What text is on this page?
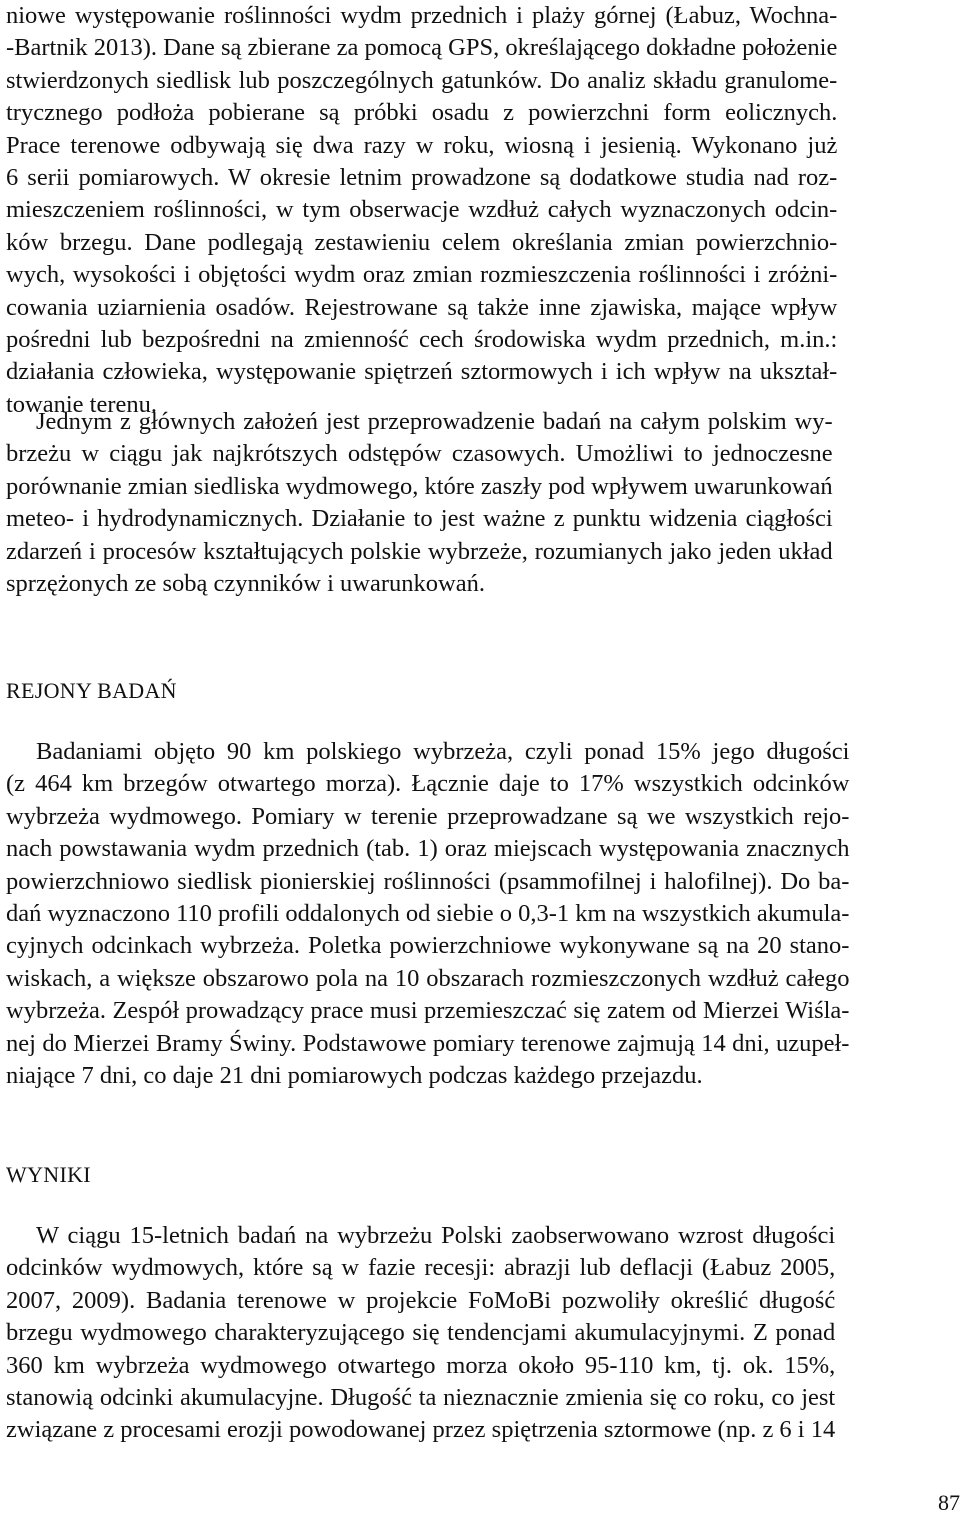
niowe występowanie roślinności wydm przednich i plaży górnej (Łabuz, Wochna-
-Bartnik 2013). Dane są zbierane za pomocą GPS, określającego dokładne położenie
stwierdzonych siedlisk lub poszczególnych gatunków. Do analiz składu granulome-
trycznego podłoża pobierane są próbki osadu z powierzchni form eolicznych.
Prace terenowe odbywają się dwa razy w roku, wiosną i jesienią. Wykonano już
6 serii pomiarowych. W okresie letnim prowadzone są dodatkowe studia nad roz-
mieszczeniem roślinności, w tym obserwacje wzdłuż całych wyznaczonych odcin-
ków brzegu. Dane podlegają zestawieniu celem określania zmian powierzchnio-
wych, wysokości i objętości wydm oraz zmian rozmieszczenia roślinności i zróżni-
cowania uziarnienia osadów. Rejestrowane są także inne zjawiska, mające wpływ
pośredni lub bezpośredni na zmienność cech środowiska wydm przednich, m.in.:
działania człowieka, występowanie spiętrzeń sztormowych i ich wpływ na ukształ-
towanie terenu.
Jednym z głównych założeń jest przeprowadzenie badań na całym polskim wy-
brzeżu w ciągu jak najkrótszych odstępów czasowych. Umożliwi to jednoczesne
porównanie zmian siedliska wydmowego, które zaszły pod wpływem uwarunkowań
meteo- i hydrodynamicznych. Działanie to jest ważne z punktu widzenia ciągłości
zdarzeń i procesów kształtujących polskie wybrzeże, rozumianych jako jeden układ
sprzężonych ze sobą czynników i uwarunkowań.
REJONY BADAŃ
Badaniami objęto 90 km polskiego wybrzeża, czyli ponad 15% jego długości
(z 464 km brzegów otwartego morza). Łącznie daje to 17% wszystkich odcinków
wybrzeża wydmowego. Pomiary w terenie przeprowadzane są we wszystkich rejo-
nach powstawania wydm przednich (tab. 1) oraz miejscach występowania znacznych
powierzchniowo siedlisk pionierskiej roślinności (psammofilnej i halofilnej). Do ba-
dań wyznaczono 110 profili oddalonych od siebie o 0,3-1 km na wszystkich akumula-
cyjnych odcinkach wybrzeża. Poletka powierzchniowe wykonywane są na 20 stano-
wiskach, a większe obszarowo pola na 10 obszarach rozmieszczonych wzdłuż całego
wybrzeża. Zespół prowadzący prace musi przemieszczać się zatem od Mierzei Wiśla-
nej do Mierzei Bramy Świny. Podstawowe pomiary terenowe zajmują 14 dni, uzupeł-
niające 7 dni, co daje 21 dni pomiarowych podczas każdego przejazdu.
WYNIKI
W ciągu 15-letnich badań na wybrzeżu Polski zaobserwowano wzrost długości
odcinków wydmowych, które są w fazie recesji: abrazji lub deflacji (Łabuz 2005,
2007, 2009). Badania terenowe w projekcie FoMoBi pozwoliły określić długość
brzegu wydmowego charakteryzującego się tendencjami akumulacyjnymi. Z ponad
360 km wybrzeża wydmowego otwartego morza około 95-110 km, tj. ok. 15%,
stanowią odcinki akumulacyjne. Długość ta nieznacznie zmienia się co roku, co jest
związane z procesami erozji powodowanej przez spiętrzenia sztormowe (np. z 6 i 14
87
